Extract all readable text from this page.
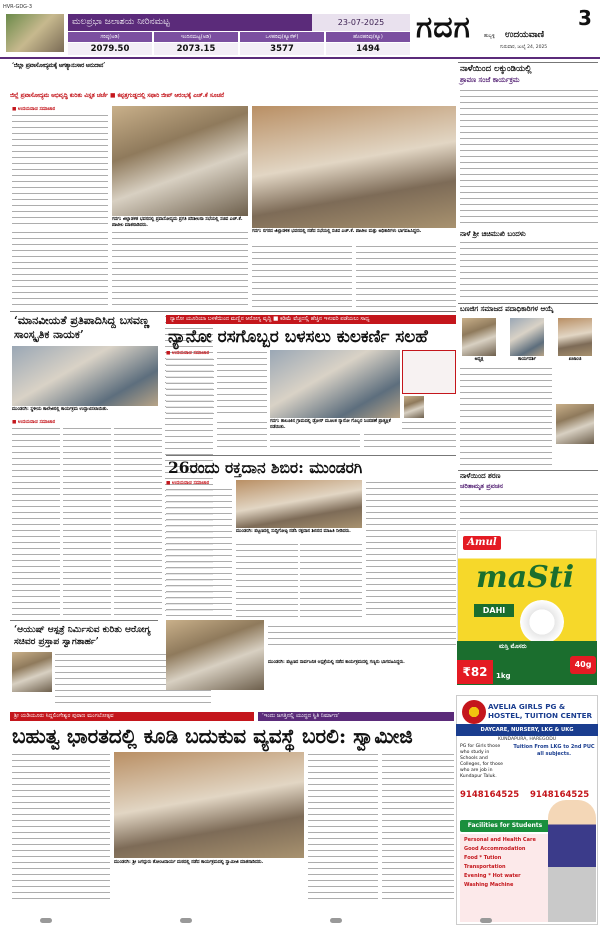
HVR-GDG-3
ಮಲಪ್ರಭಾ ಜಲಾಶಯ ನೀರಿನಮಟ್ಟ	23-07-2025
ಗರಿಷ್ಠ(ಅಡಿ)	ಇಂದಿನಮಟ್ಟ(ಅಡಿ)	ಒಳಹರಿವು(ಕ್ಯೂಸೆಕ್)	ಹೊರಹರಿವು(ಕ್ಯೂ)
2079.50	2073.15	3577	1494
ಗದಗ	3
ಹುಬ್ಬಳ್ಳಿ ಉದಯವಾಣಿ
ಗುರುವಾರ, ಜುಲೈ 24, 2025
‘ಜಿಲ್ಲಾ ಪ್ರವಾಸೋದ್ಯಮಕ್ಕೆ ಅಗತ್ಯಾನುಸಾರ ಅನುದಾನ’
ಜಿಲ್ಲೆ ಪ್ರವಾಸೋದ್ಯಮ ಅಭಿವೃದ್ಧಿ ಕುರಿತು ವಿಸ್ತೃತ ಚರ್ಚೆ ■ ಕಪ್ಪತ್ತಗುಡ್ಡದಲ್ಲಿ ಸಫಾರಿ ಜೀಪ್ ಆರಂಭಕ್ಕೆ ಎಚ್.ಕೆ ಸೂಚನೆ
■ ಉದಯವಾಣಿ ಸಮಾಚಾರ
ಗದಗ: ಜಿಲ್ಲಾಡಳಿತ ಭವನದಲ್ಲಿ ಪ್ರವಾಸೋದ್ಯಮ ಪ್ರಗತಿ ಪರಿಶೀಲನಾ ಸಭೆಯಲ್ಲಿ ಸಚಿವ ಎಚ್.ಕೆ. ಪಾಟೀಲ ಮಾತನಾಡಿದರು.
ಗದಗ: ನಗರದ ಜಿಲ್ಲಾಡಳಿತ ಭವನದಲ್ಲಿ ನಡೆದ ಸಭೆಯಲ್ಲಿ ಸಚಿವ ಎಚ್.ಕೆ. ಪಾಟೀಲ ಮತ್ತು ಅಧಿಕಾರಿಗಳು ಭಾಗವಹಿಸಿದ್ದರು.
‘ಮಾನವೀಯತೆ ಪ್ರತಿಪಾದಿಸಿದ್ದ ಬಸವಣ್ಣ ಸಾಂಸ್ಕೃತಿಕ ನಾಯಕ’
ಮುಂಡರಗಿ: ಸ್ಥಳೀಯ ಕಾಲೇಜಿನಲ್ಲಿ ಕಾರ್ಯಕ್ರಮ ಉದ್ಘಾಟಿಸಲಾಯಿತು.
■ ಉದಯವಾಣಿ ಸಮಾಚಾರ
‘ಆಯುಷ್ ಆಸ್ಪತ್ರೆ ನಿರ್ಮಿಸುವ ಕುರಿತು ಆರೋಗ್ಯ ಸಚಿವರ ಪ್ರಸ್ತಾಪ ಸ್ವಾಗತಾರ್ಹ’
ನ್ಯಾನೋ ಯೂರಿಯಾ ಬಳಕೆಯಿಂದ ಮಣ್ಣಿನ ಆರೋಗ್ಯ ವೃದ್ಧಿ ■ ಕಡಿಮೆ ವೆಚ್ಚದಲ್ಲಿ ಹೆಚ್ಚಿನ ಇಳುವರಿ ಪಡೆಯಲು ಸಾಧ್ಯ
ನ್ಯಾನೋ ರಸಗೊಬ್ಬರ ಬಳಸಲು ಕುಲಕರ್ಣಿ ಸಲಹೆ
■ ಉದಯವಾಣಿ ಸಮಾಚಾರ
ಗದಗ: ತಾಲೂಕಿನ ಗ್ರಾಮದಲ್ಲಿ ಡ್ರೋನ್ ಮೂಲಕ ನ್ಯಾನೋ ಗೊಬ್ಬರ ಸಿಂಪಡಣೆ ಪ್ರಾತ್ಯಕ್ಷಿಕೆ ನಡೆಯಿತು.
26ರಂದು ರಕ್ತದಾನ ಶಿಬಿರ: ಮುಂಡರಗಿ
■ ಉದಯವಾಣಿ ಸಮಾಚಾರ
ಮುಂಡರಗಿ: ಪಟ್ಟಣದಲ್ಲಿ ಸುದ್ದಿಗೋಷ್ಠಿ ನಡೆಸಿ ರಕ್ತದಾನ ಶಿಬಿರದ ಮಾಹಿತಿ ನೀಡಿದರು.
ಮುಂಡರಗಿ: ಪಟ್ಟಣದ ಸಾರ್ವಜನಿಕ ಆಸ್ಪತ್ರೆಯಲ್ಲಿ ನಡೆದ ಕಾರ್ಯಕ್ರಮದಲ್ಲಿ ಗಣ್ಯರು ಭಾಗವಹಿಸಿದ್ದರು.
ಶ್ರೀ ಯಡಿಯೂರು ಸಿದ್ದಲಿಂಗೇಶ್ವರ ಪುರಾಣ ಮಂಗಲೋತ್ಸವ	‘ಇಂದು ಜಗತ್ತಿನಲ್ಲಿ ಯುದ್ಧದ ಸ್ಥಿತಿ ನಿರ್ಮಾಣ’
ಬಹುತ್ವ ಭಾರತದಲ್ಲಿ ಕೂಡಿ ಬದುಕುವ ವ್ಯವಸ್ಥೆ ಬರಲಿ: ಸ್ವಾಮೀಜಿ
ಮುಂಡರಗಿ: ಶ್ರೀ ಜಗದ್ಗುರು ತೋಂಟದಾರ್ಯ ಮಠದಲ್ಲಿ ನಡೆದ ಕಾರ್ಯಕ್ರಮದಲ್ಲಿ ಸ್ವಾಮೀಜಿ ಮಾತನಾಡಿದರು.
ನಾಳೆಯಿಂದ ಲಕ್ಕುಂಡಿಯಲ್ಲಿ
ಶ್ರಾವಣ ಸಂಜೆ ಕಾರ್ಯಕ್ರಮ
ನಾಳೆ ಶ್ರೀ ಚಿಚಿಮುಖಿ ಬಂದಳು
ಬಣಜಿಗ ಸಮಾಜದ ಪದಾಧಿಕಾರಿಗಳ ಆಯ್ಕೆ
ಅಧ್ಯಕ್ಷ	ಕಾರ್ಯದರ್ಶಿ	ಖಜಾಂಚಿ
ನಾಳೆಯಿಂದ ಶರಣ
ಚರಿತಾಮೃತ ಪ್ರವಚನ
Amul
maSti
DAHI
ಮಸ್ತಿ ಮೊಸರು
₹82	1kg
40g
AVELIA GIRLS PG & HOSTEL, TUITION CENTER
DAYCARE, NURSERY, LKG & UKG
KUNDAPURA, HAREGODU
PG for Girls those who study in Schools and Colleges, for those who are job in Kundapur Taluk.
9148164525
Tuition From LKG to 2nd PUC all subjects.
9148164525
Facilities for Students
Personal and Health Care
Good Accommodation
Food * Tution
Transportation
Evening * Hot water
Washing Machine
